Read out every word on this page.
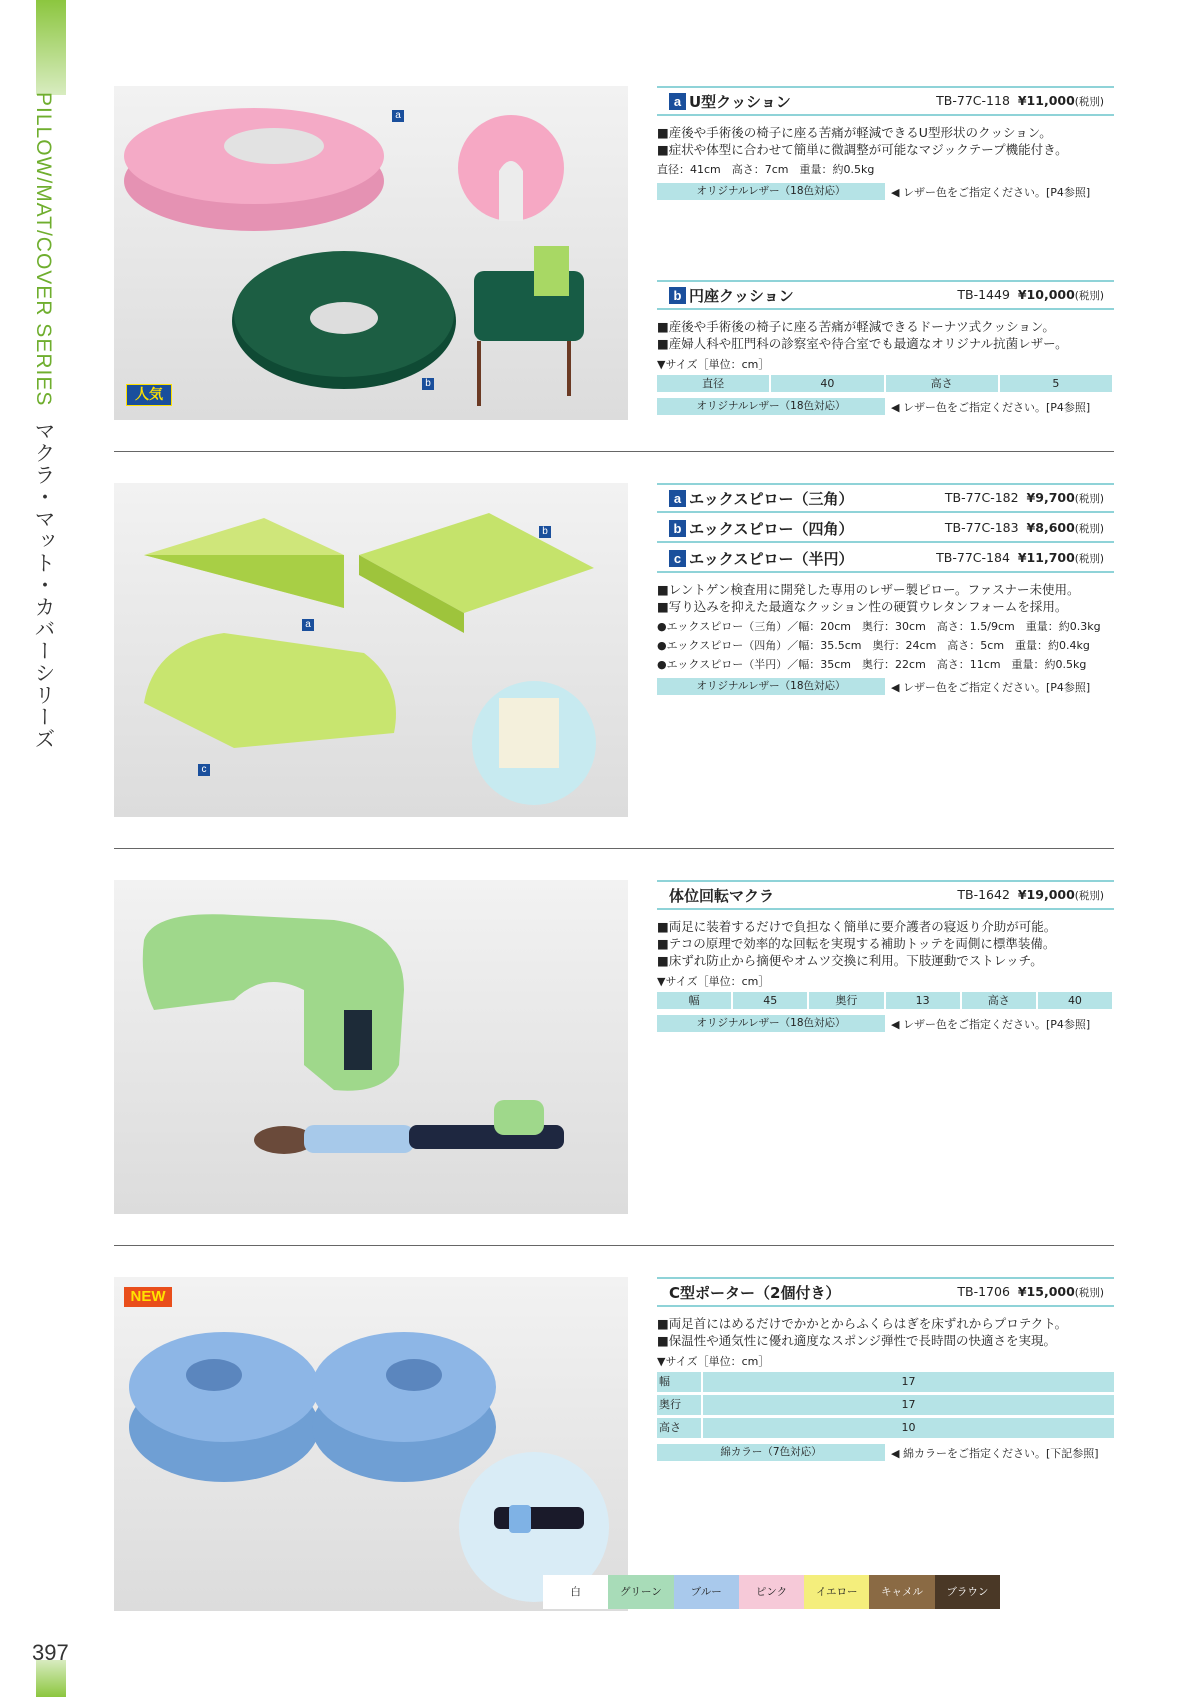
PILLOW/MAT/COVER SERIES  マクラ・マット・カバーシリーズ
397
a
b
人気
a U型クッション	TB-77C-118 ¥11,000(税別)
■産後や手術後の椅子に座る苦痛が軽減できるU型形状のクッション。
■症状や体型に合わせて簡単に微調整が可能なマジックテープ機能付き。
直径：41cm　高さ：7cm　重量：約0.5kg
オリジナルレザー（18色対応）	◀ レザー色をご指定ください。[P4参照]
b 円座クッション	TB-1449 ¥10,000(税別)
■産後や手術後の椅子に座る苦痛が軽減できるドーナツ式クッション。
■産婦人科や肛門科の診察室や待合室でも最適なオリジナル抗菌レザー。
▼サイズ［単位：cm］
直径	40	高さ	5
オリジナルレザー（18色対応）	◀ レザー色をご指定ください。[P4参照]
a
b
c
a エックスピロー（三角）	TB-77C-182 ¥9,700(税別)
b エックスピロー（四角）	TB-77C-183 ¥8,600(税別)
c エックスピロー（半円）	TB-77C-184 ¥11,700(税別)
■レントゲン検査用に開発した専用のレザー製ピロー。ファスナー未使用。
■写り込みを抑えた最適なクッション性の硬質ウレタンフォームを採用。
●エックスピロー（三角）／幅：20cm　奥行：30cm　高さ：1.5/9cm　重量：約0.3kg
●エックスピロー（四角）／幅：35.5cm　奥行：24cm　高さ：5cm　重量：約0.4kg
●エックスピロー（半円）／幅：35cm　奥行：22cm　高さ：11cm　重量：約0.5kg
オリジナルレザー（18色対応）	◀ レザー色をご指定ください。[P4参照]
体位回転マクラ	TB-1642 ¥19,000(税別)
■両足に装着するだけで負担なく簡単に要介護者の寝返り介助が可能。
■テコの原理で効率的な回転を実現する補助トッテを両側に標準装備。
■床ずれ防止から摘便やオムツ交換に利用。下肢運動でストレッチ。
▼サイズ［単位：cm］
幅	45	奥行	13	高さ	40
オリジナルレザー（18色対応）	◀ レザー色をご指定ください。[P4参照]
NEW	C型ポーター（2個付き）	TB-1706 ¥15,000(税別)
■両足首にはめるだけでかかとからふくらはぎを床ずれからプロテクト。
■保温性や通気性に優れ適度なスポンジ弾性で長時間の快適さを実現。
▼サイズ［単位：cm］
幅	17
奥行	17
高さ	10
綿カラー（7色対応）	◀ 綿カラーをご指定ください。[下記参照]
白	グリーン	ブルー	ピンク	イエロー	キャメル	ブラウン
